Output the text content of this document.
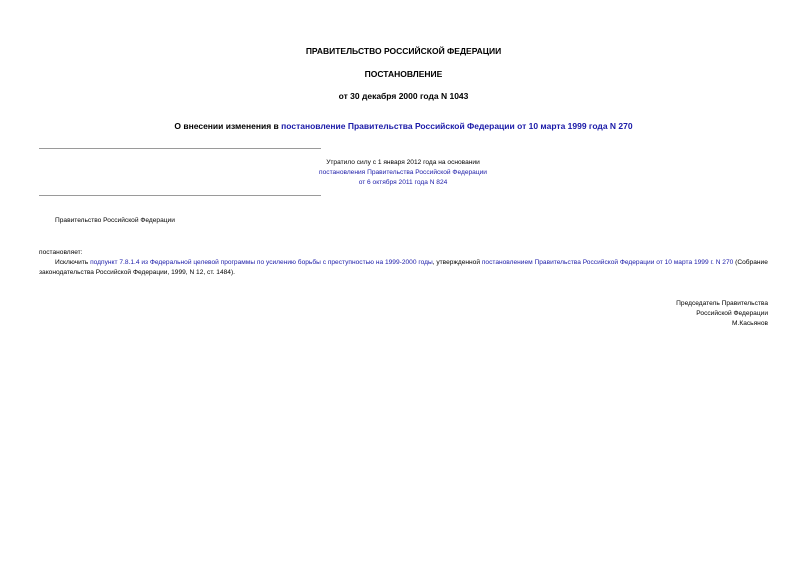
ПРАВИТЕЛЬСТВО РОССИЙСКОЙ ФЕДЕРАЦИИ
ПОСТАНОВЛЕНИЕ
от 30 декабря 2000 года N 1043
О внесении изменения в постановление Правительства Российской Федерации от 10 марта 1999 года N 270
Утратило силу с 1 января 2012 года на основании
постановления Правительства Российской Федерации
от 6 октября 2011 года N 824
Правительство Российской Федерации
постановляет:
Исключить подпункт 7.8.1.4 из Федеральной целевой программы по усилению борьбы с преступностью на 1999-2000 годы, утвержденной постановлением Правительства Российской Федерации от 10 марта 1999 г. N 270 (Собрание законодательства Российской Федерации, 1999, N 12, ст. 1484).
Председатель Правительства
Российской Федерации
М.Касьянов
